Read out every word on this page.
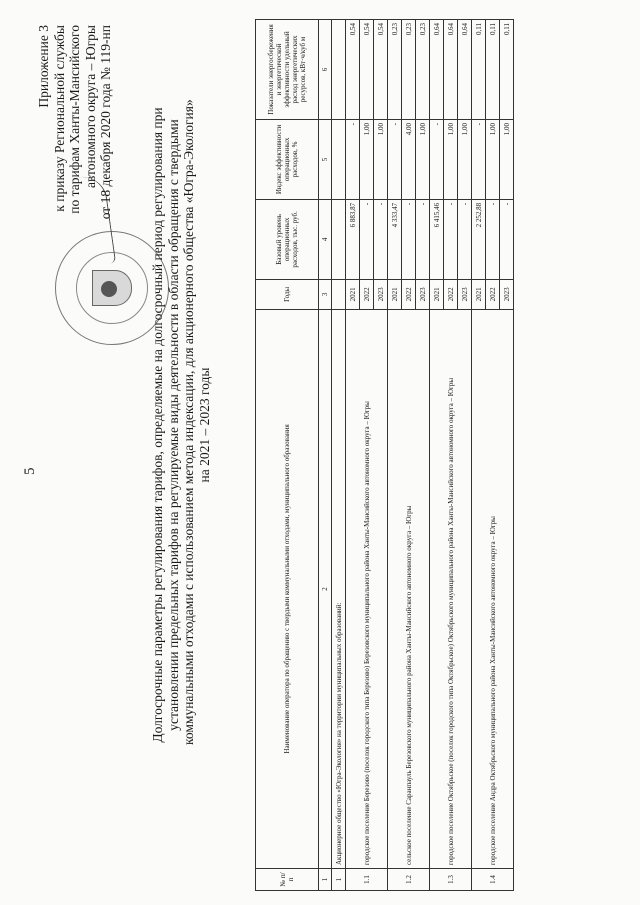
5
Приложение 3 к приказу Региональной службы по тарифам Ханты-Мансийского автономного округа – Югры от 18 декабря 2020 года № 119-нп	Долгосрочные параметры регулирования тарифов, определяемые на долгосрочный период регулирования при установлении предельных тарифов на регулируемые виды деятельности в области обращения с твердыми коммунальными отходами с использованием метода индексации, для акционерного общества «Югра-Экология» на 2021 – 2023 годы
№ п/п	Наименование оператора по обращению с твердыми коммунальными отходами, муниципального образования	Годы	Базовый уровень операционных расходов, тыс. руб.	Индекс эффективности операционных расходов, %	Показатели энергосбережения и энергетической эффективности удельный расход энергетических ресурсов, кВт·ч/куб м
1	2	3	4	5	6
1	Акционерное общество «Югра-Экология» на территории муниципальных образований:				
1.1	городское поселение Березово (поселок городского типа Березово) Березовского муниципального района Ханты-Мансийского автономного округа – Югры	2021	6 883,87	-	0,54
		2022	-	1,00	0,54
		2023	-	1,00	0,54
1.2	сельское поселение Саранпауль Березовского муниципального района Ханты-Мансийского автономного округа – Югры	2021	4 333,47	-	0,23
		2022	-	4,00	0,23
		2023	-	1,00	0,23
1.3	городское поселение Октябрьское (поселок городского типа Октябрьское) Октябрьского муниципального района Ханты-Мансийского автономного округа – Югры	2021	6 415,46	-	0,64
		2022	-	1,00	0,64
		2023	-	1,00	0,64
1.4	городское поселение Андра Октябрьского муниципального района Ханты-Мансийского автономного округа – Югры	2021	2 252,88	-	0,11
		2022	-	1,00	0,11
		2023	-	1,00	0,11
